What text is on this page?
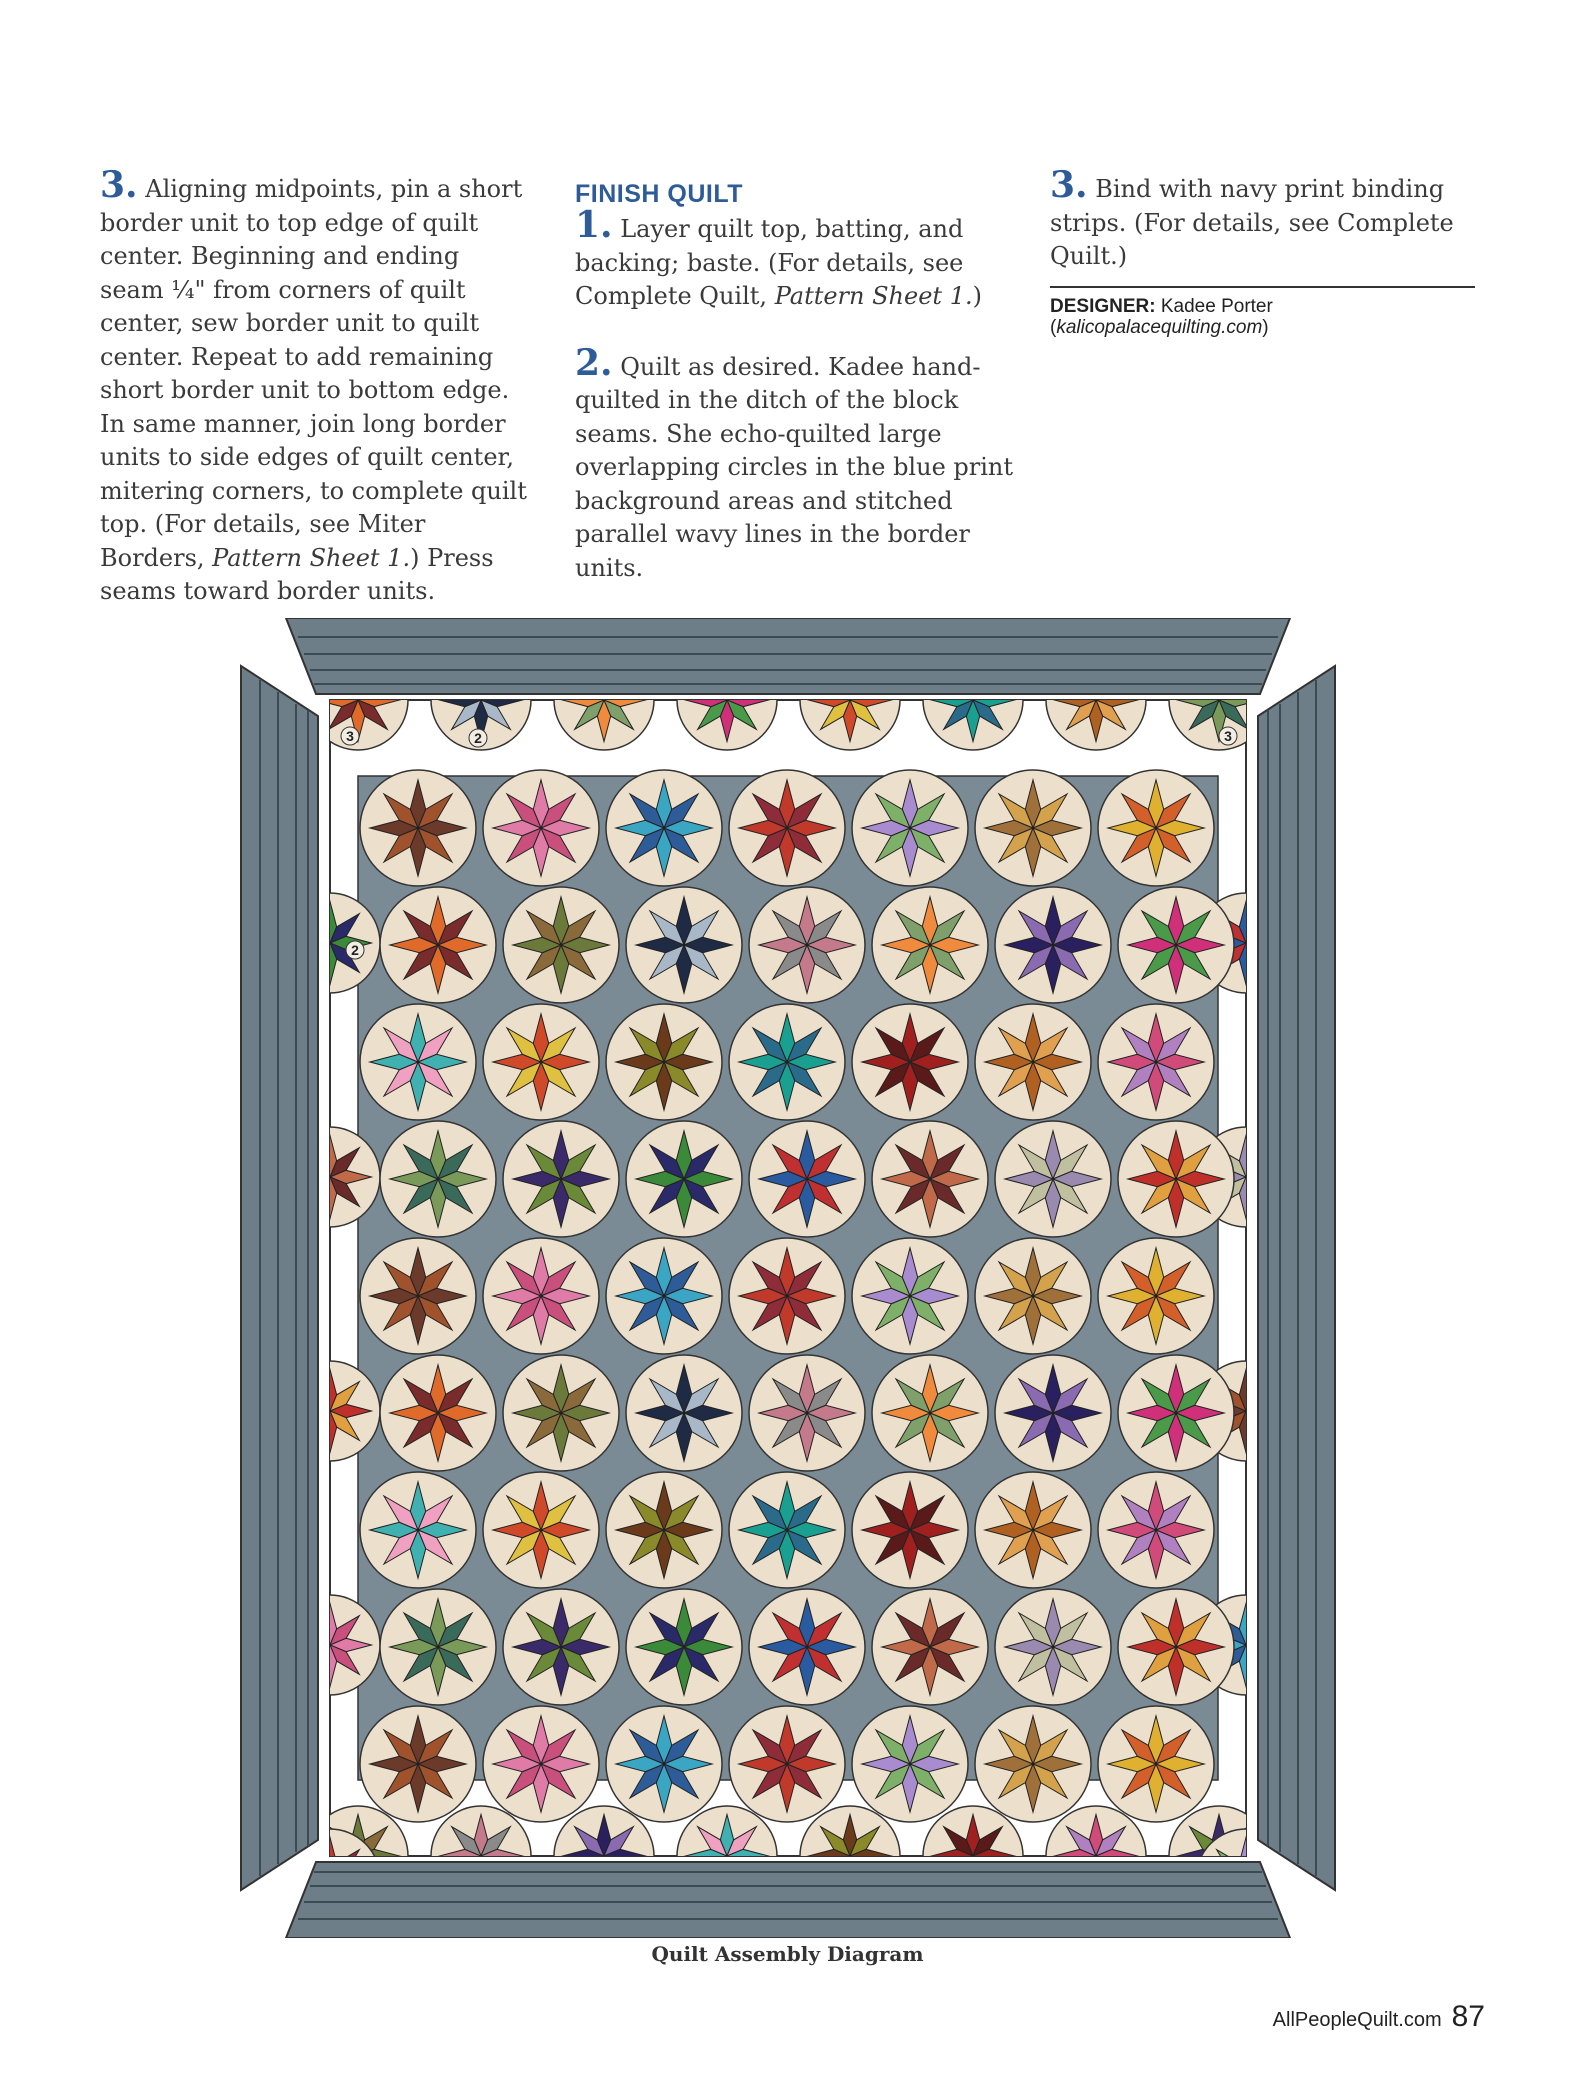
3. Aligning midpoints, pin a short border unit to top edge of quilt center. Beginning and ending seam ¼" from corners of quilt center, sew border unit to quilt center. Repeat to add remaining short border unit to bottom edge. In same manner, join long border units to side edges of quilt center, mitering corners, to complete quilt top. (For details, see Miter Borders, Pattern Sheet 1.) Press seams toward border units.

FINISH QUILT

1. Layer quilt top, batting, and backing; baste. (For details, see Complete Quilt, Pattern Sheet 1.)

2. Quilt as desired. Kadee hand-quilted in the ditch of the block seams. She echo-quilted large overlapping circles in the blue print background areas and stitched parallel wavy lines in the border units.

3. Bind with navy print binding strips. (For details, see Complete Quilt.)

DESIGNER: Kadee Porter
(kalicopalacequilting.com)
3	2	3
2
Quilt Assembly Diagram
AllPeopleQuilt.com 87
